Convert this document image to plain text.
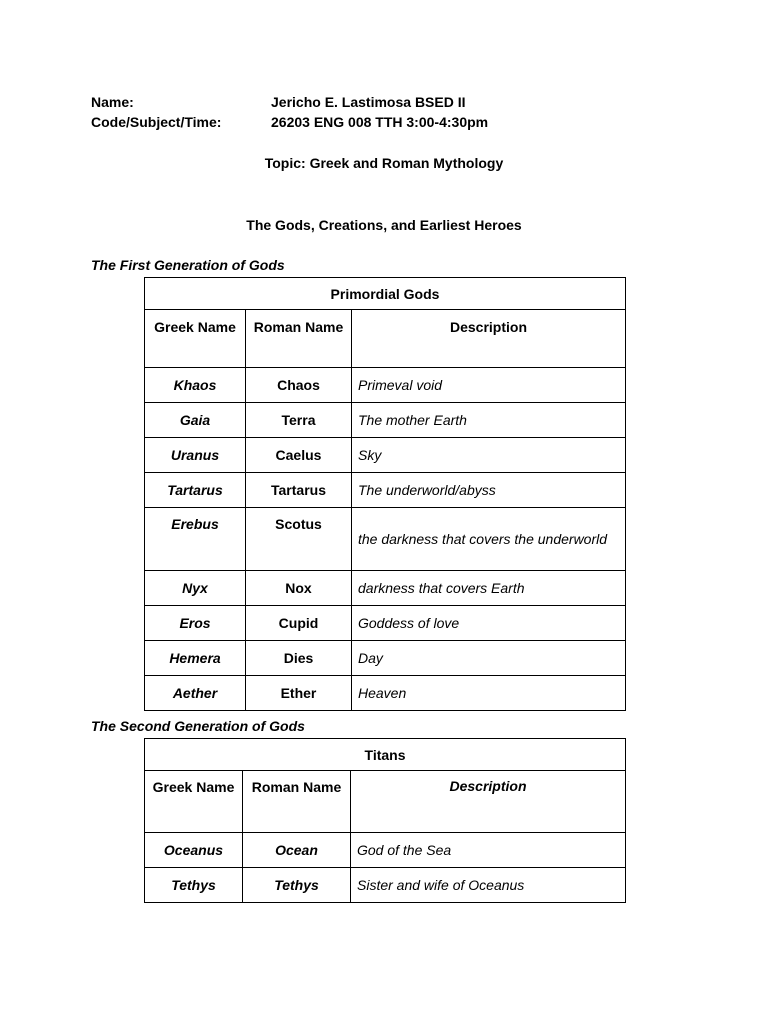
Name:	Jericho E. Lastimosa BSED II
Code/Subject/Time:	26203 ENG 008 TTH 3:00-4:30pm
Topic: Greek and Roman Mythology
The Gods, Creations, and Earliest Heroes
The First Generation of Gods
Primordial Gods		
Greek Name	Roman Name	Description
Khaos	Chaos	Primeval void
Gaia	Terra	The mother Earth
Uranus	Caelus	Sky
Tartarus	Tartarus	The underworld/abyss
Erebus	Scotus	the darkness that covers the underworld
Nyx	Nox	darkness that covers Earth
Eros	Cupid	Goddess of love
Hemera	Dies	Day
Aether	Ether	Heaven
The Second Generation of Gods
Titans		
Greek Name	Roman Name	Description
Oceanus	Ocean	God of the Sea
Tethys	Tethys	Sister and wife of Oceanus
